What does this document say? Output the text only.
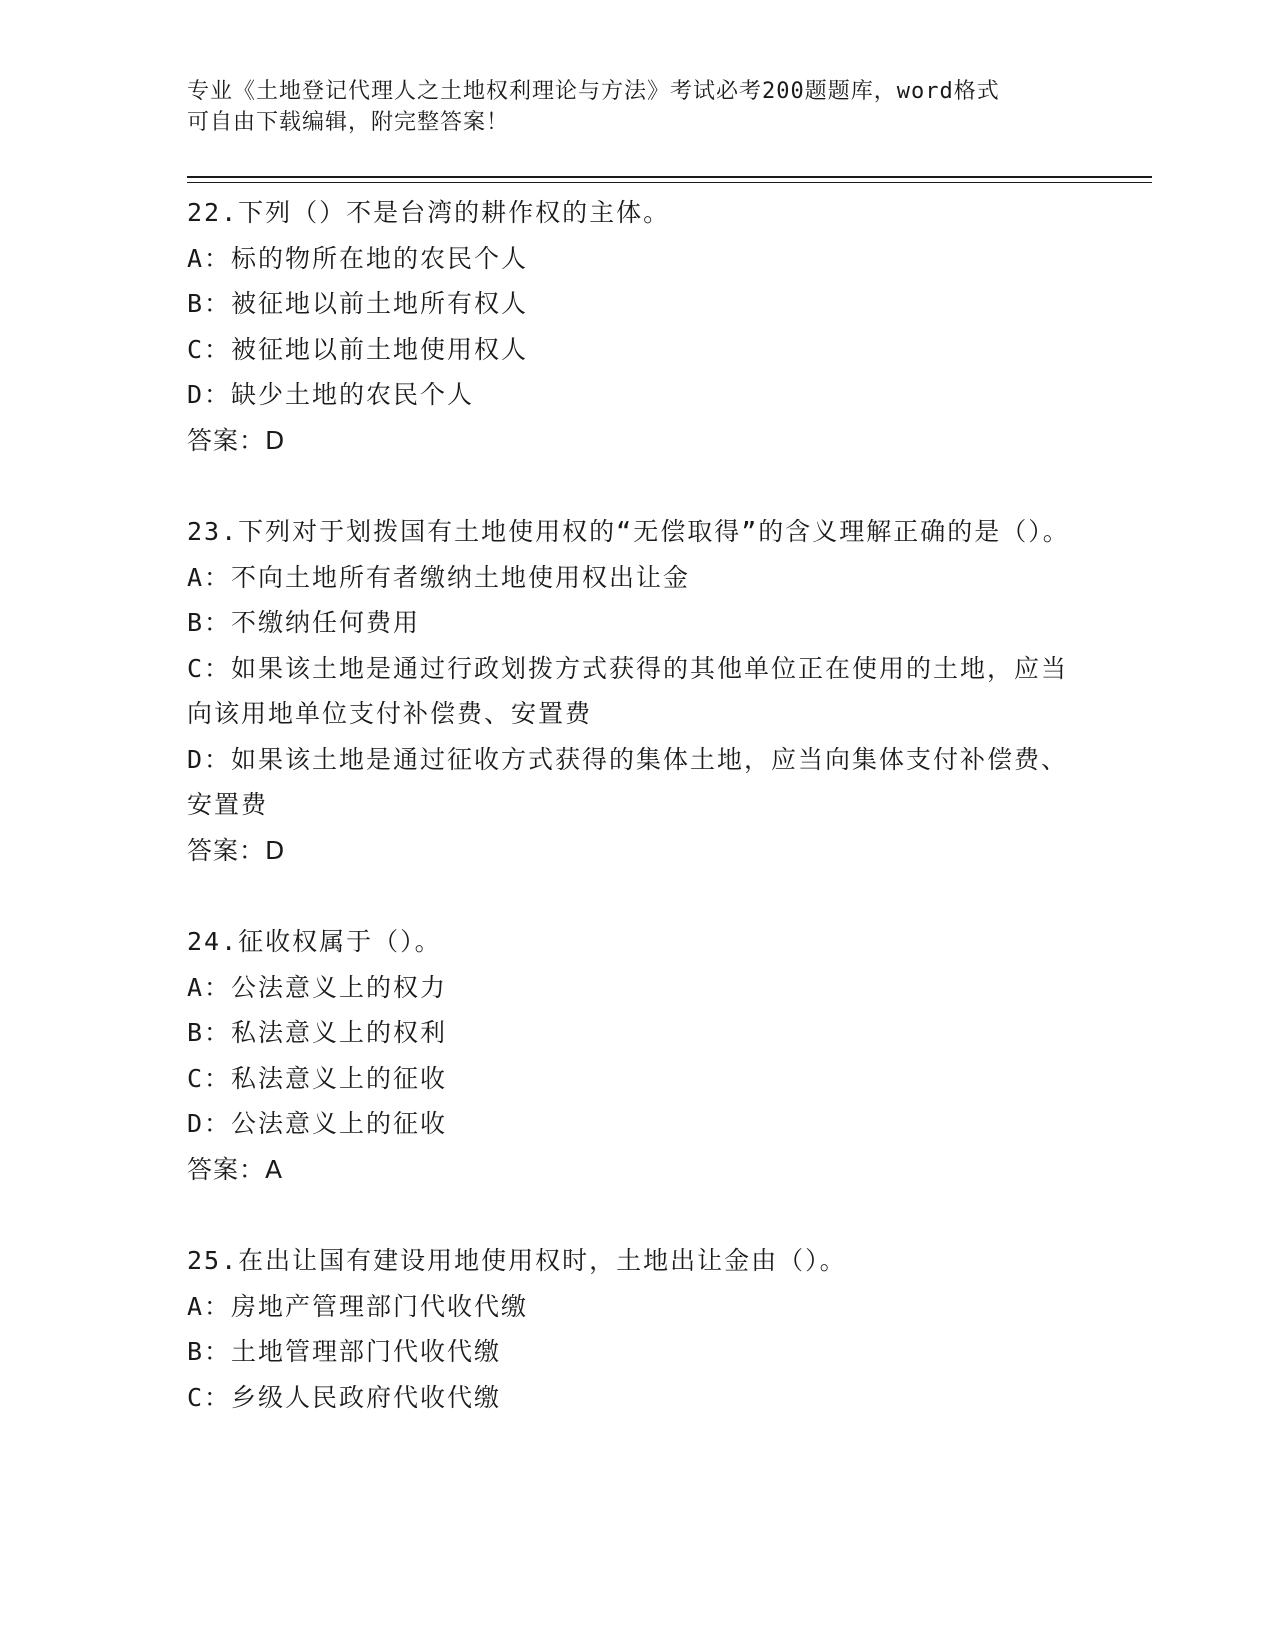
专业《土地登记代理人之土地权利理论与方法》考试必考200题题库，word格式
可自由下载编辑，附完整答案！
22.下列（）不是台湾的耕作权的主体。
A：标的物所在地的农民个人
B：被征地以前土地所有权人
C：被征地以前土地使用权人
D：缺少土地的农民个人
答案：D
23.下列对于划拨国有土地使用权的“无偿取得”的含义理解正确的是（）。
A：不向土地所有者缴纳土地使用权出让金
B：不缴纳任何费用
C：如果该土地是通过行政划拨方式获得的其他单位正在使用的土地，应当向该用地单位支付补偿费、安置费
D：如果该土地是通过征收方式获得的集体土地，应当向集体支付补偿费、安置费
答案：D
24.征收权属于（）。
A：公法意义上的权力
B：私法意义上的权利
C：私法意义上的征收
D：公法意义上的征收
答案：A
25.在出让国有建设用地使用权时，土地出让金由（）。
A：房地产管理部门代收代缴
B：土地管理部门代收代缴
C：乡级人民政府代收代缴
